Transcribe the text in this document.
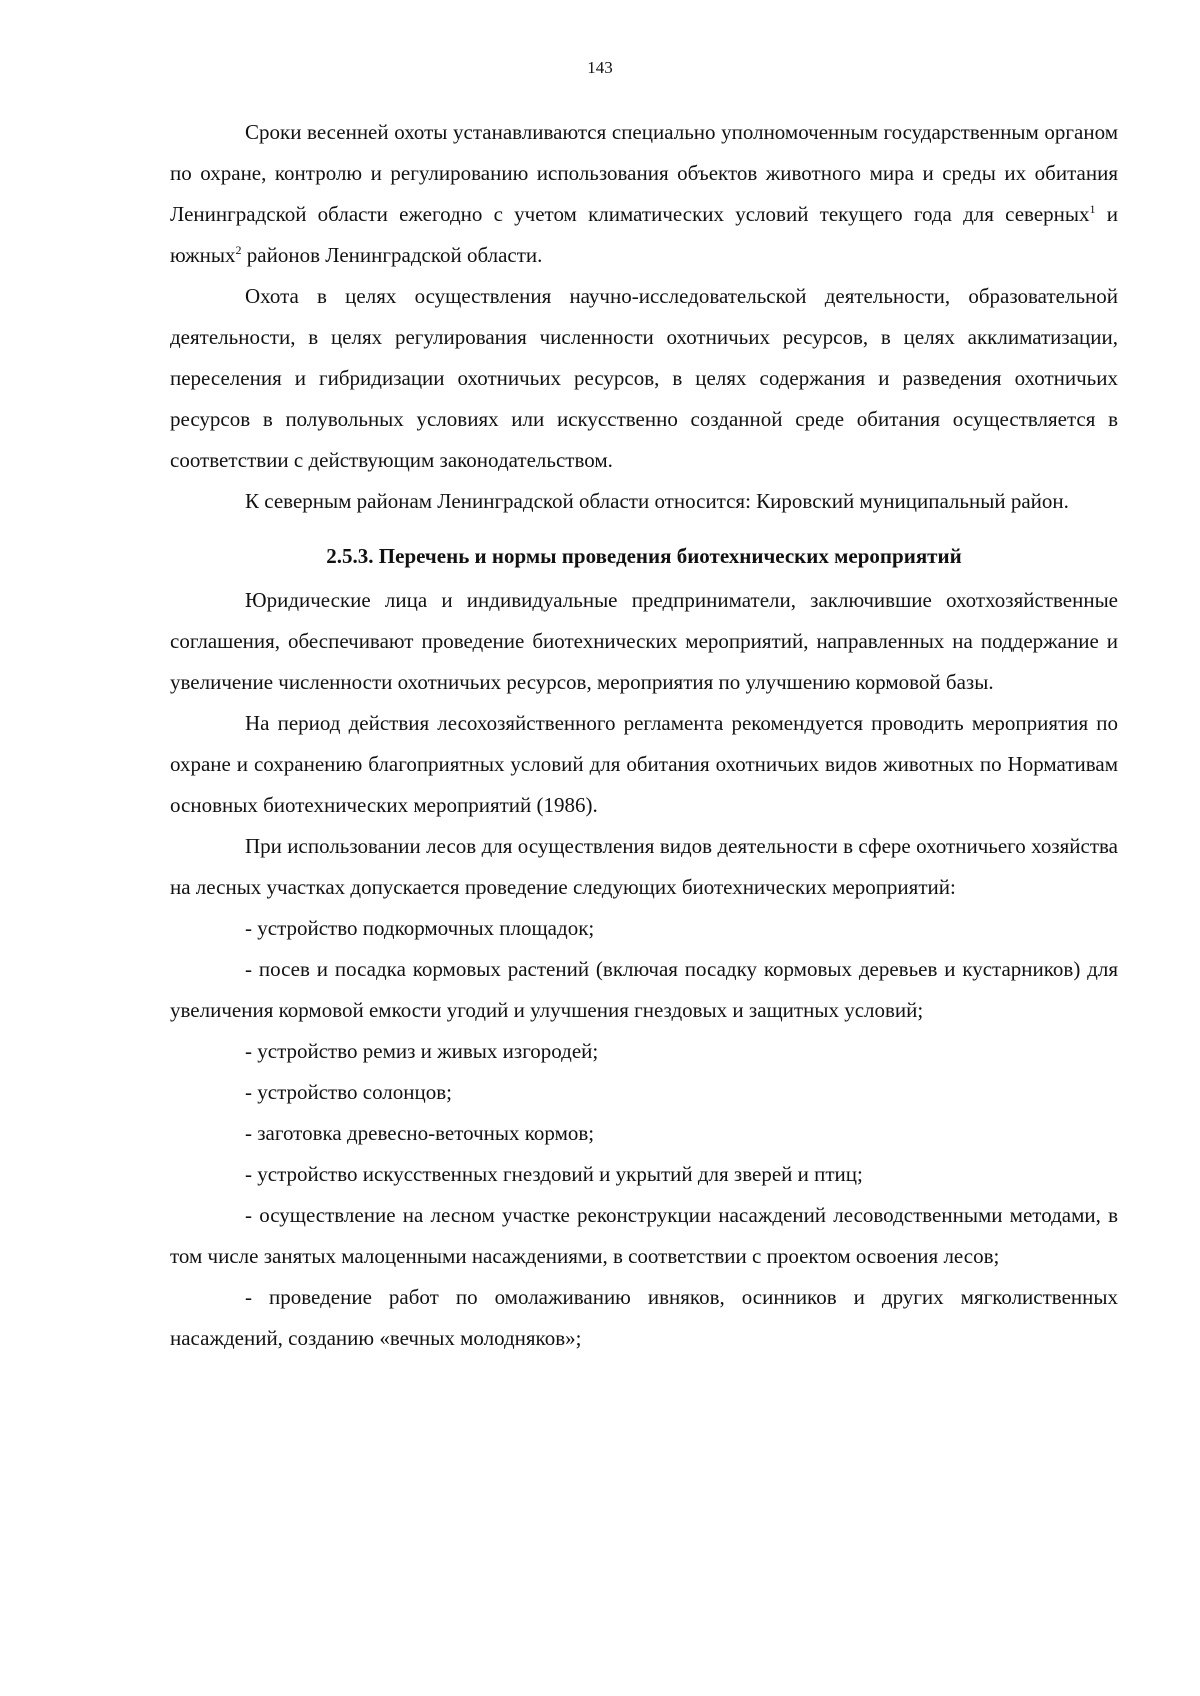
143

Сроки весенней охоты устанавливаются специально уполномоченным государственным органом по охране, контролю и регулированию использования объектов животного мира и среды их обитания Ленинградской области ежегодно с учетом климатических условий текущего года для северных$^1$ и южных$^2$ районов Ленинградской области.

Охота в целях осуществления научно-исследовательской деятельности, образовательной деятельности, в целях регулирования численности охотничьих ресурсов, в целях акклиматизации, переселения и гибридизации охотничьих ресурсов, в целях содержания и разведения охотничьих ресурсов в полувольных условиях или искусственно созданной среде обитания осуществляется в соответствии с действующим законодательством.

К северным районам Ленинградской области относится: Кировский муниципальный район.

2.5.3. Перечень и нормы проведения биотехнических мероприятий

Юридические лица и индивидуальные предприниматели, заключившие охотхозяйственные соглашения, обеспечивают проведение биотехнических мероприятий, направленных на поддержание и увеличение численности охотничьих ресурсов, мероприятия по улучшению кормовой базы.

На период действия лесохозяйственного регламента рекомендуется проводить мероприятия по охране и сохранению благоприятных условий для обитания охотничьих видов животных по Нормативам основных биотехнических мероприятий (1986).

При использовании лесов для осуществления видов деятельности в сфере охотничьего хозяйства на лесных участках допускается проведение следующих биотехнических мероприятий:

- устройство подкормочных площадок;

- посев и посадка кормовых растений (включая посадку кормовых деревьев и кустарников) для увеличения кормовой емкости угодий и улучшения гнездовых и защитных условий;

- устройство ремиз и живых изгородей;

- устройство солонцов;

- заготовка древесно-веточных кормов;

- устройство искусственных гнездовий и укрытий для зверей и птиц;

- осуществление на лесном участке реконструкции насаждений лесоводственными методами, в том числе занятых малоценными насаждениями, в соответствии с проектом освоения лесов;

- проведение работ по омолаживанию ивняков, осинников и других мягколиственных насаждений, созданию «вечных молодняков»;
